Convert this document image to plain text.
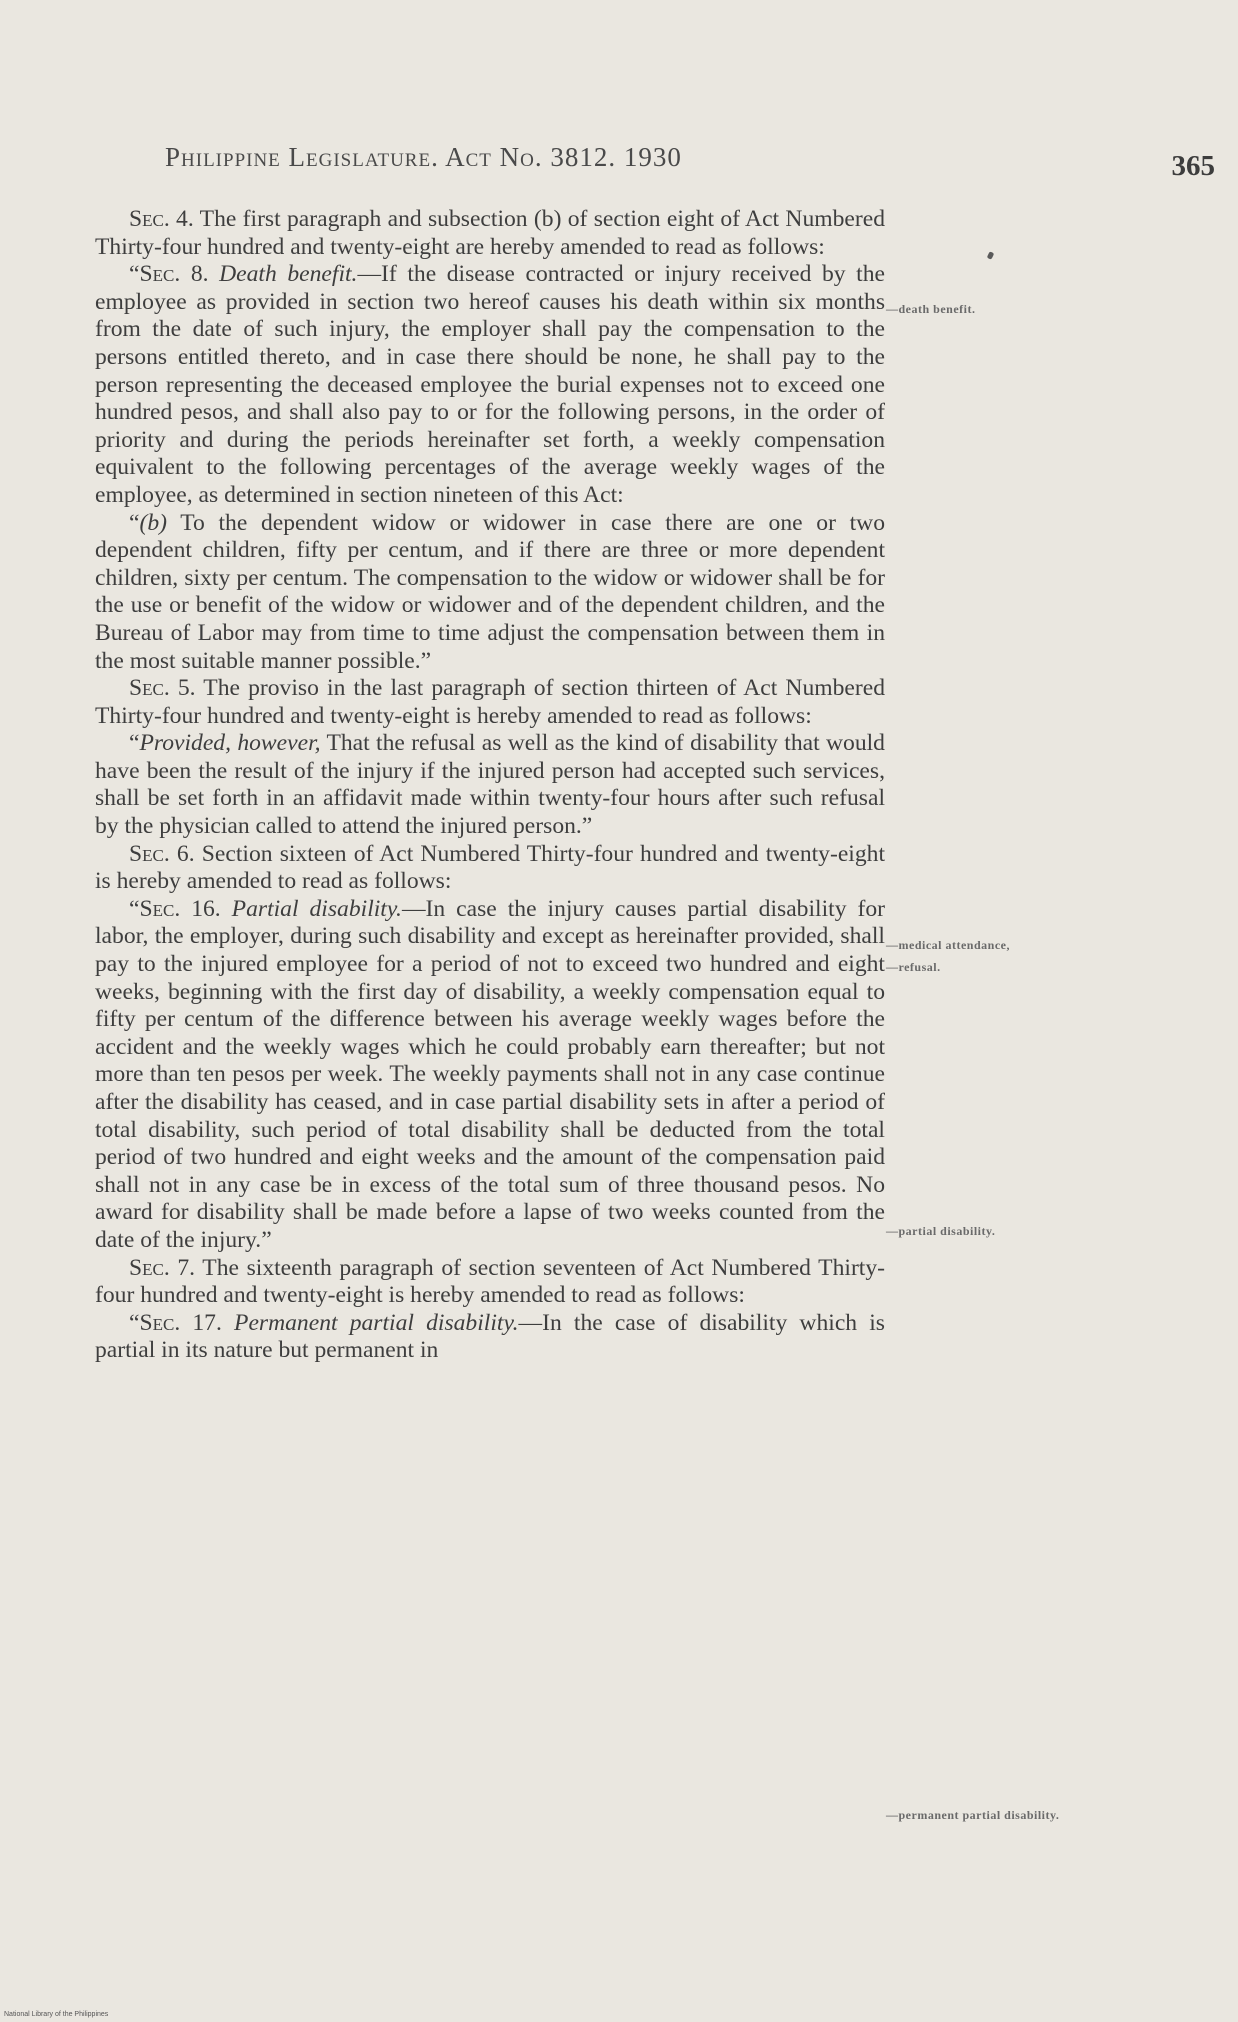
Philippine Legislature. Act No. 3812. 1930	365

Sec. 4. The first paragraph and subsection (b) of section eight of Act Numbered Thirty-four hundred and twenty-eight are hereby amended to read as follows:

“Sec. 8. Death benefit.—If the disease contracted or injury received by the employee as provided in section two hereof causes his death within six months from the date of such injury, the employer shall pay the compensation to the persons entitled thereto, and in case there should be none, he shall pay to the person representing the deceased employee the burial expenses not to exceed one hundred pesos, and shall also pay to or for the following persons, in the order of priority and during the periods hereinafter set forth, a weekly compensation equivalent to the following percentages of the average weekly wages of the employee, as determined in section nineteen of this Act:

“(b) To the dependent widow or widower in case there are one or two dependent children, fifty per centum, and if there are three or more dependent children, sixty per centum. The compensation to the widow or widower shall be for the use or benefit of the widow or widower and of the dependent children, and the Bureau of Labor may from time to time adjust the compensation between them in the most suitable manner possible.”

Sec. 5. The proviso in the last paragraph of section thirteen of Act Numbered Thirty-four hundred and twenty-eight is hereby amended to read as follows:

“Provided, however, That the refusal as well as the kind of disability that would have been the result of the injury if the injured person had accepted such services, shall be set forth in an affidavit made within twenty-four hours after such refusal by the physician called to attend the injured person.”

Sec. 6. Section sixteen of Act Numbered Thirty-four hundred and twenty-eight is hereby amended to read as follows:

“Sec. 16. Partial disability.—In case the injury causes partial disability for labor, the employer, during such disability and except as hereinafter provided, shall pay to the injured employee for a period of not to exceed two hundred and eight weeks, beginning with the first day of disability, a weekly compensation equal to fifty per centum of the difference between his average weekly wages before the accident and the weekly wages which he could probably earn thereafter; but not more than ten pesos per week. The weekly payments shall not in any case continue after the disability has ceased, and in case partial disability sets in after a period of total disability, such period of total disability shall be deducted from the total period of two hundred and eight weeks and the amount of the compensation paid shall not in any case be in excess of the total sum of three thousand pesos. No award for disability shall be made before a lapse of two weeks counted from the date of the injury.”

Sec. 7. The sixteenth paragraph of section seventeen of Act Numbered Thirty-four hundred and twenty-eight is hereby amended to read as follows:

“Sec. 17. Permanent partial disability.—In the case of disability which is partial in its nature but permanent in

—death benefit.
—medical attendance,
—refusal.
—partial disability.
—permanent partial disability.
National Library of the Philippines
